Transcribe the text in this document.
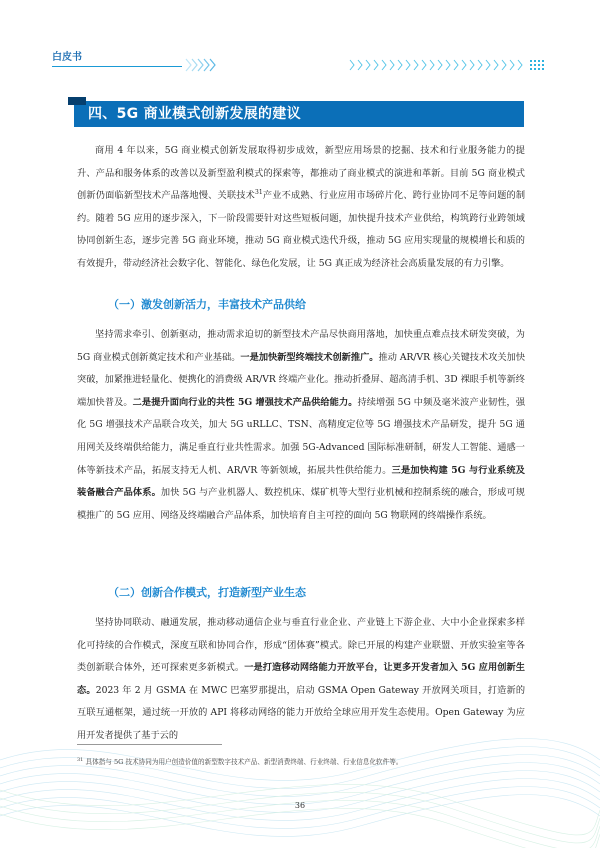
白皮书
四、5G 商业模式创新发展的建议

商用 4 年以来，5G 商业模式创新发展取得初步成效，新型应用场景的挖掘、技术和行业服务能力的提升、产品和服务体系的改善以及新型盈利模式的探索等，都推动了商业模式的演进和革新。目前 5G 商业模式创新仍面临新型技术产品落地慢、关联技术$^{31}$产业不成熟、行业应用市场碎片化、跨行业协同不足等问题的制约。随着 5G 应用的逐步深入，下一阶段需要针对这些短板问题，加快提升技术产业供给，构筑跨行业跨领域协同创新生态，逐步完善 5G 商业环境，推动 5G 商业模式迭代升级，推动 5G 应用实现量的规模增长和质的有效提升，带动经济社会数字化、智能化、绿色化发展，让 5G 真正成为经济社会高质量发展的有力引擎。

（一）激发创新活力，丰富技术产品供给

坚持需求牵引、创新驱动，推动需求迫切的新型技术产品尽快商用落地，加快重点难点技术研发突破，为 5G 商业模式创新奠定技术和产业基础。一是加快新型终端技术创新推广。推动 AR/VR 核心关键技术攻关加快突破，加紧推进轻量化、便携化的消费级 AR/VR 终端产业化。推动折叠屏、超高清手机、3D 裸眼手机等新终端加快普及。二是提升面向行业的共性 5G 增强技术产品供给能力。持续增强 5G 中频及毫米波产业韧性，强化 5G 增强技术产品联合攻关，加大 5G uRLLC、TSN、高精度定位等 5G 增强技术产品研发，提升 5G 通用网关及终端供给能力，满足垂直行业共性需求。加强 5G-Advanced 国际标准研制，研发人工智能、通感一体等新技术产品，拓展支持无人机、AR/VR 等新领域，拓展共性供给能力。三是加快构建 5G 与行业系统及装备融合产品体系。加快 5G 与产业机器人、数控机床、煤矿机等大型行业机械和控制系统的融合，形成可规模推广的 5G 应用、网络及终端融合产品体系，加快培育自主可控的面向 5G 物联网的终端操作系统。

（二）创新合作模式，打造新型产业生态

坚持协同联动、融通发展，推动移动通信企业与垂直行业企业、产业链上下游企业、大中小企业探索多样化可持续的合作模式，深度互联和协同合作，形成“团体赛”模式。除已开展的构建产业联盟、开放实验室等各类创新联合体外，还可探索更多新模式。一是打造移动网络能力开放平台，让更多开发者加入 5G 应用创新生态。2023 年 2 月 GSMA 在 MWC 巴塞罗那提出，启动 GSMA Open Gateway 开放网关项目，打造新的互联互通框架，通过统一开放的 API 将移动网络的能力开放给全球应用开发生态使用。Open Gateway 为应用开发者提供了基于云的

$^{31}$ 具体指与 5G 技术协同为用户创造价值的新型数字技术产品、新型消费终端、行业终端、行业信息化软件等。
36
